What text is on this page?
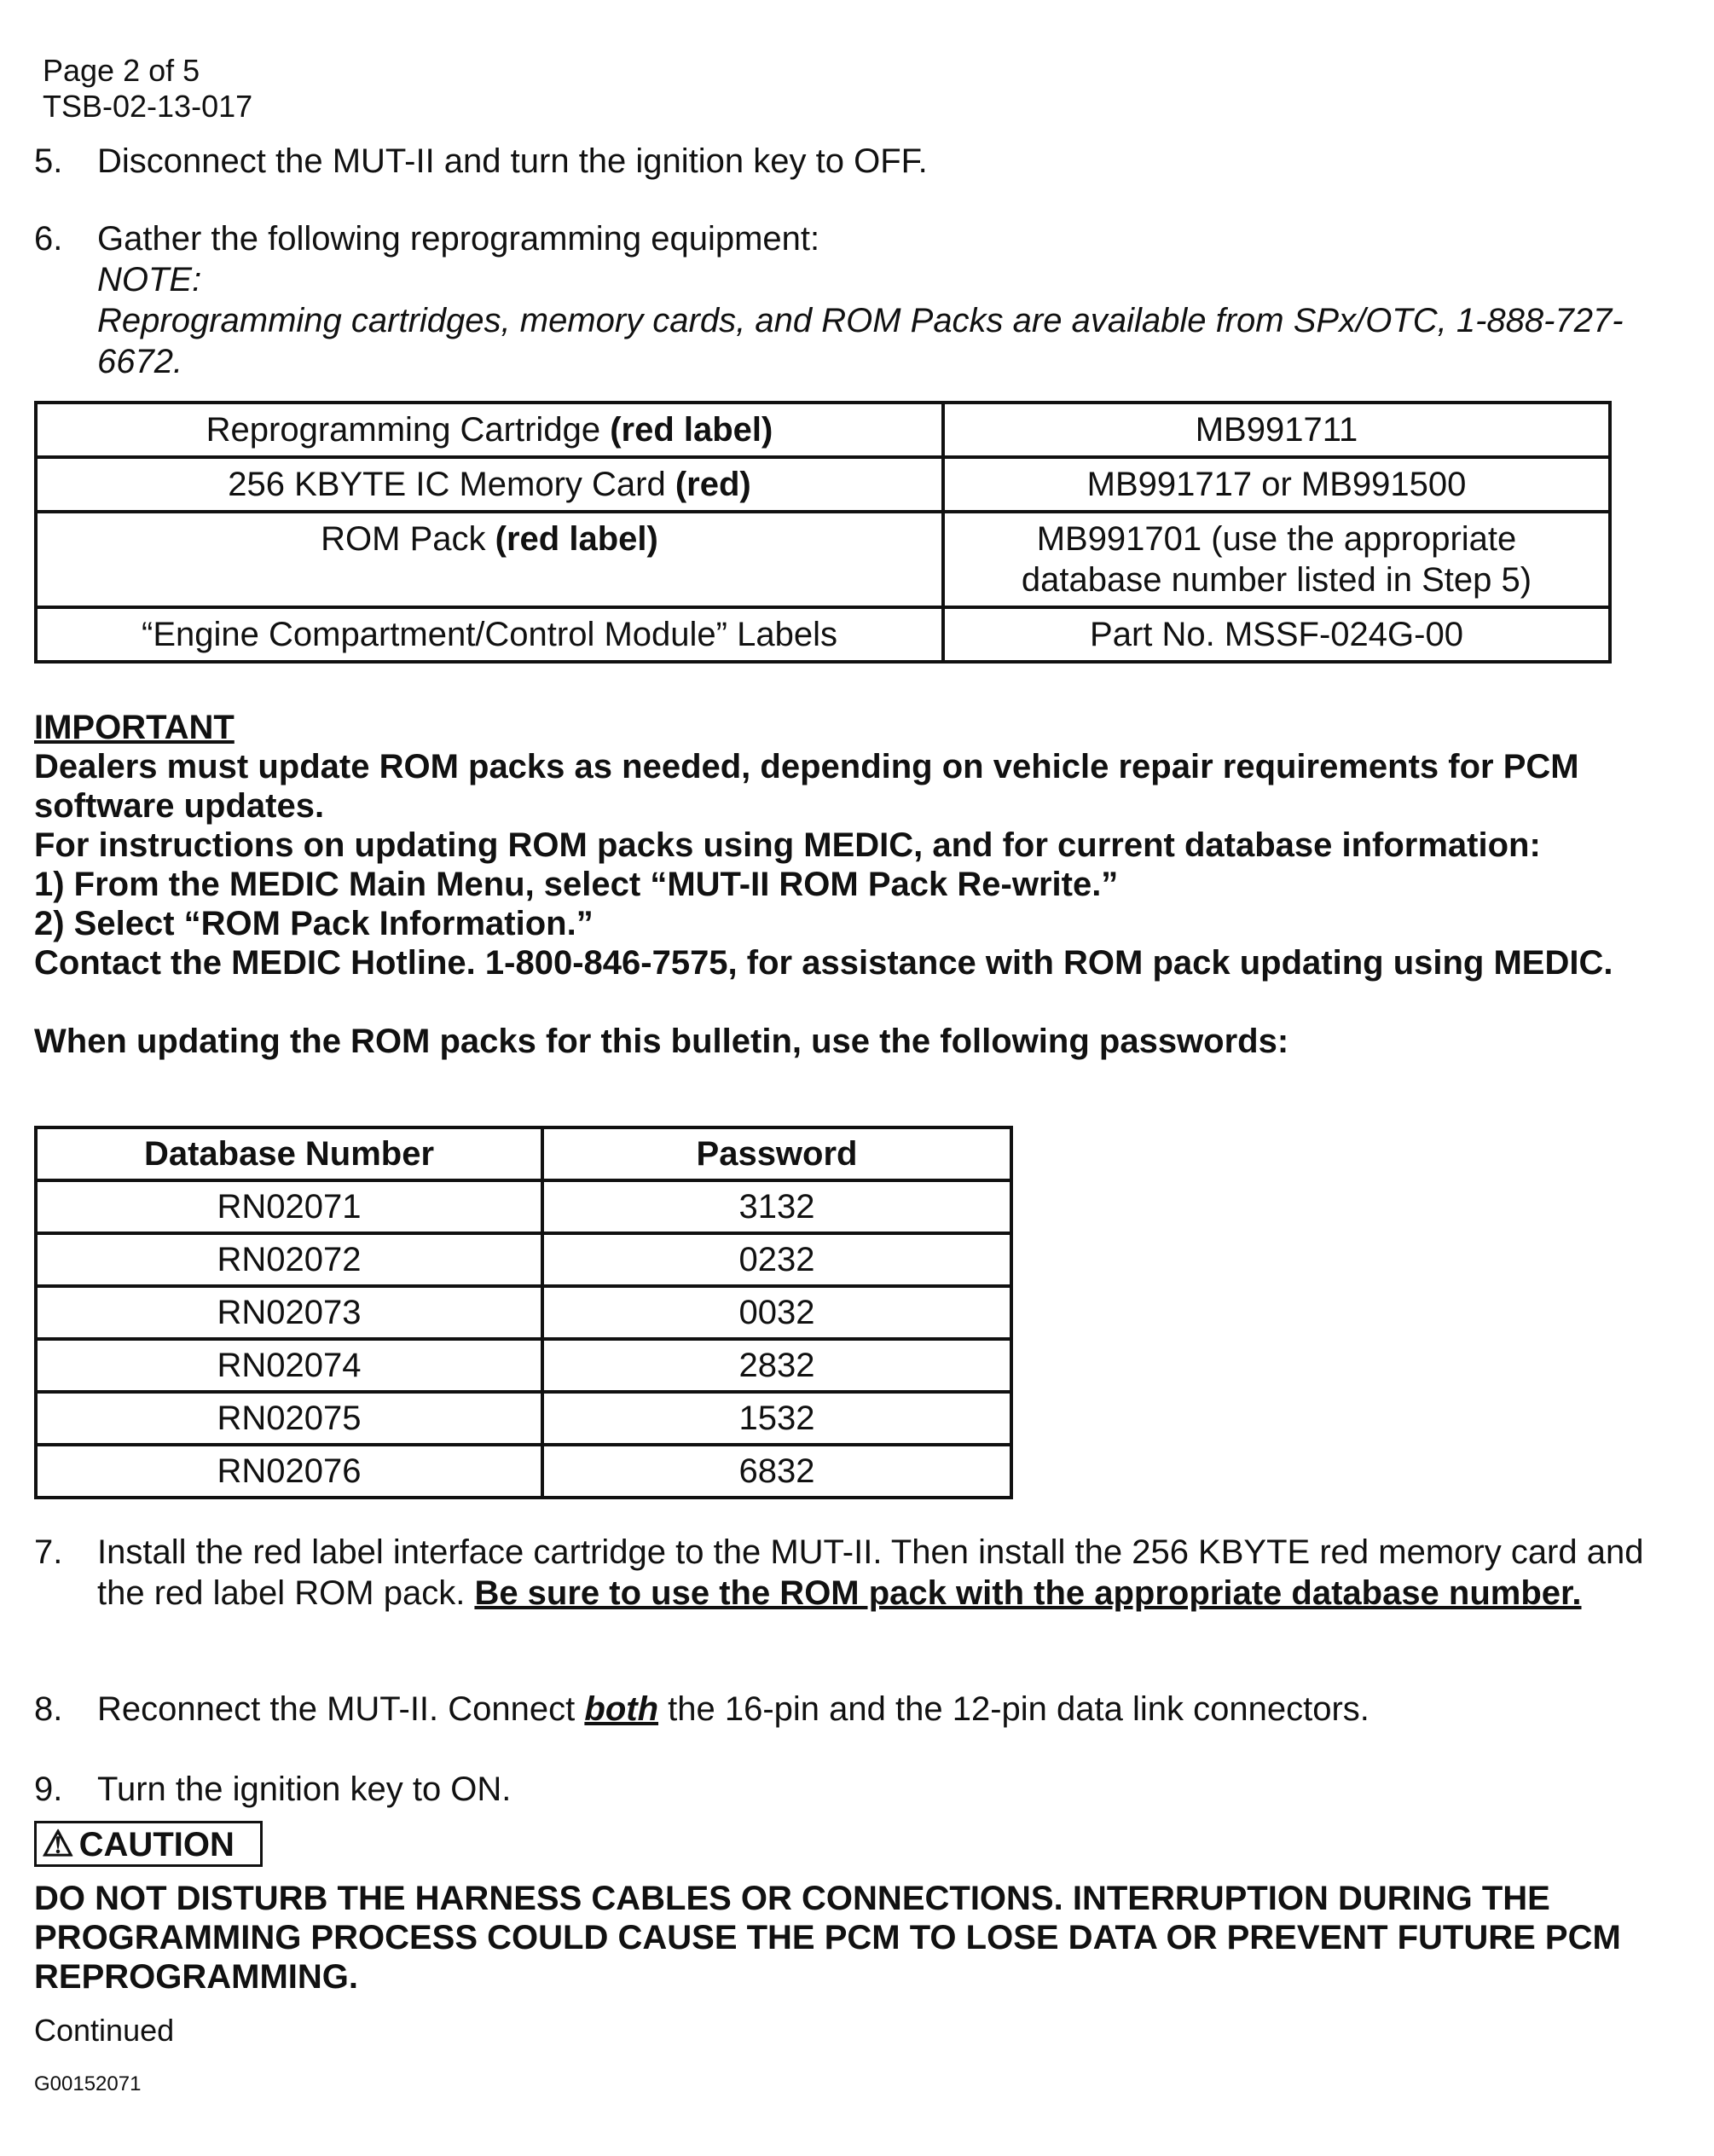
Page 2 of 5
TSB-02-13-017
5.	Disconnect the MUT-II and turn the ignition key to OFF.
6.	Gather the following reprogramming equipment:
NOTE:
Reprogramming cartridges, memory cards, and ROM Packs are available from SPx/OTC, 1-888-727-6672.
Reprogramming Cartridge (red label)	MB991711
256 KBYTE IC Memory Card (red)	MB991717 or MB991500
ROM Pack (red label)	MB991701 (use the appropriate database number listed in Step 5)
“Engine Compartment/Control Module” Labels	Part No. MSSF-024G-00
IMPORTANT
Dealers must update ROM packs as needed, depending on vehicle repair requirements for PCM software updates.
For instructions on updating ROM packs using MEDIC, and for current database information:
1) From the MEDIC Main Menu, select “MUT-II ROM Pack Re-write.”
2) Select “ROM Pack Information.”
Contact the MEDIC Hotline. 1-800-846-7575, for assistance with ROM pack updating using MEDIC.
When updating the ROM packs for this bulletin, use the following passwords:
Database Number	Password
RN02071	3132
RN02072	0232
RN02073	0032
RN02074	2832
RN02075	1532
RN02076	6832
7.	Install the red label interface cartridge to the MUT-II. Then install the 256 KBYTE red memory card and the red label ROM pack. Be sure to use the ROM pack with the appropriate database number.
8.	Reconnect the MUT-II. Connect both the 16-pin and the 12-pin data link connectors.
9.	Turn the ignition key to ON.
⚠ CAUTION
DO NOT DISTURB THE HARNESS CABLES OR CONNECTIONS. INTERRUPTION DURING THE PROGRAMMING PROCESS COULD CAUSE THE PCM TO LOSE DATA OR PREVENT FUTURE PCM REPROGRAMMING.
Continued
G00152071
